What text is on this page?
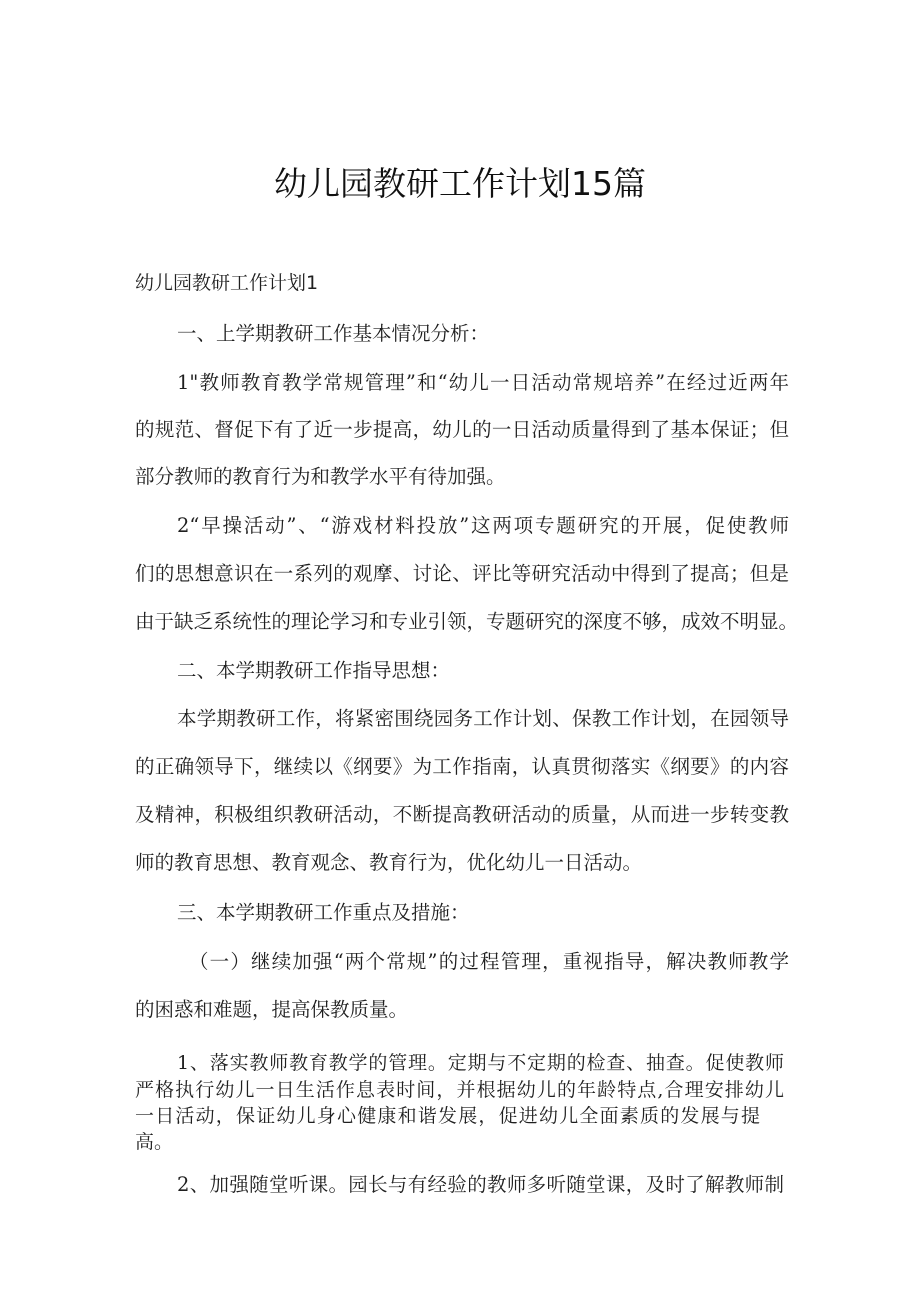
幼儿园教研工作计划15篇
幼儿园教研工作计划1
一、上学期教研工作基本情况分析：
1"教师教育教学常规管理”和“幼儿一日活动常规培养”在经过近两年
的规范、督促下有了近一步提高，幼儿的一日活动质量得到了基本保证；但
部分教师的教育行为和教学水平有待加强。
2“早操活动”、“游戏材料投放”这两项专题研究的开展，促使教师
们的思想意识在一系列的观摩、讨论、评比等研究活动中得到了提高；但是
由于缺乏系统性的理论学习和专业引领，专题研究的深度不够，成效不明显。
二、本学期教研工作指导思想：
本学期教研工作，将紧密围绕园务工作计划、保教工作计划，在园领导
的正确领导下，继续以《纲要》为工作指南，认真贯彻落实《纲要》的内容
及精神，积极组织教研活动，不断提高教研活动的质量，从而进一步转变教
师的教育思想、教育观念、教育行为，优化幼儿一日活动。
三、本学期教研工作重点及措施：
（一）继续加强“两个常规”的过程管理，重视指导，解决教师教学
的困惑和难题，提高保教质量。
1、落实教师教育教学的管理。定期与不定期的检查、抽查。促使教师
严格执行幼儿一日生活作息表时间，并根据幼儿的年龄特点,合理安排幼儿
一日活动，保证幼儿身心健康和谐发展，促进幼儿全面素质的发展与提
高。
2、加强随堂听课。园长与有经验的教师多听随堂课，及时了解教师制
